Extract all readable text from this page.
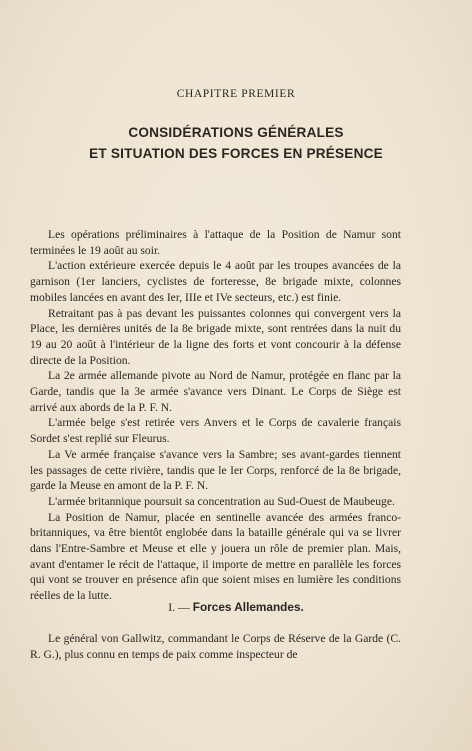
CHAPITRE PREMIER
CONSIDÉRATIONS GÉNÉRALES
ET SITUATION DES FORCES EN PRÉSENCE

Les opérations préliminaires à l'attaque de la Position de Namur sont terminées le 19 août au soir.

L'action extérieure exercée depuis le 4 août par les troupes avancées de la garnison (1er lanciers, cyclistes de forteresse, 8e brigade mixte, colonnes mobiles lancées en avant des Ier, IIIe et IVe secteurs, etc.) est finie.

Retraitant pas à pas devant les puissantes colonnes qui convergent vers la Place, les dernières unités de la 8e brigade mixte, sont rentrées dans la nuit du 19 au 20 août à l'intérieur de la ligne des forts et vont concourir à la défense directe de la Position.

La 2e armée allemande pivote au Nord de Namur, protégée en flanc par la Garde, tandis que la 3e armée s'avance vers Dinant. Le Corps de Siège est arrivé aux abords de la P. F. N.

L'armée belge s'est retirée vers Anvers et le Corps de cavalerie français Sordet s'est replié sur Fleurus.

La Ve armée française s'avance vers la Sambre; ses avant-gardes tiennent les passages de cette rivière, tandis que le Ier Corps, renforcé de la 8e brigade, garde la Meuse en amont de la P. F. N.

L'armée britannique poursuit sa concentration au Sud-Ouest de Maubeuge.

La Position de Namur, placée en sentinelle avancée des armées franco-britanniques, va être bientôt englobée dans la bataille générale qui va se livrer dans l'Entre-Sambre et Meuse et elle y jouera un rôle de premier plan. Mais, avant d'entamer le récit de l'attaque, il importe de mettre en parallèle les forces qui vont se trouver en présence afin que soient mises en lumière les conditions réelles de la lutte.

I. — Forces Allemandes.

Le général von Gallwitz, commandant le Corps de Réserve de la Garde (C. R. G.), plus connu en temps de paix comme inspecteur de
